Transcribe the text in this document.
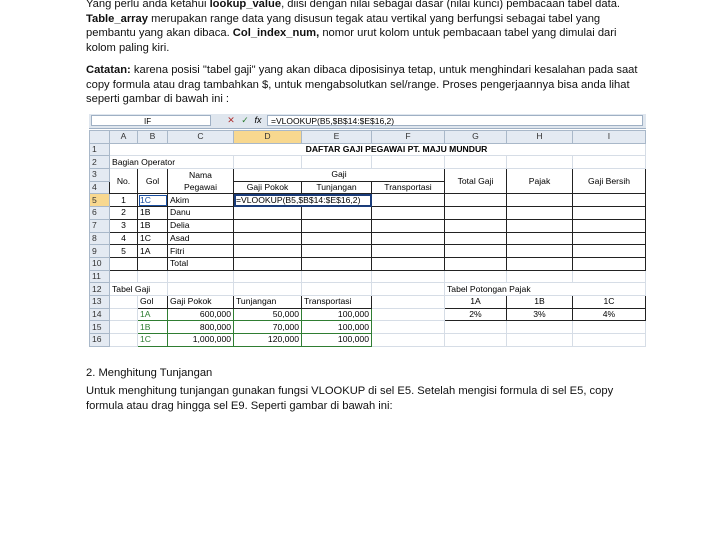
Yang perlu anda ketahui lookup_value, diisi dengan nilai sebagai dasar (nilai kunci) pembacaan tabel data. Table_array merupakan range data yang disusun tegak atau vertikal yang berfungsi sebagai tabel yang pembantu yang akan dibaca. Col_index_num, nomor urut kolom untuk pembacaan tabel yang dimulai dari kolom paling kiri.

Catatan: karena posisi "tabel gaji" yang akan dibaca diposisinya tetap, untuk menghindari kesalahan pada saat copy formula atau drag tambahkan $, untuk mengabsolutkan sel/range. Proses pengerjaannya bisa anda lihat seperti gambar di bawah ini :

IF	✕ ✓ fx	=VLOOKUP(B5,$B$14:$E$16,2)
	A	B	C	D	E	F	G	H	I
1	DAFTAR GAJI PEGAWAI PT. MAJU MUNDUR								
2	Bagian Operator								
3	No.	Gol	Nama	Gaji			Total Gaji	Pajak	Gaji Bersih
4			Pegawai	Gaji Pokok	Tunjangan	Transportasi			
5	1	1C	Akim	=VLOOKUP(B5,$B$14:$E$16,2)					
6	2	1B	Danu						
7	3	1B	Delia						
8	4	1C	Asad						
9	5	1A	Fitri						
10			Total						
11									
12	Tabel Gaji						Tabel Potongan Pajak		
13		Gol	Gaji Pokok	Tunjangan	Transportasi		1A	1B	1C
14		1A	600,000	50,000	100,000		2%	3%	4%
15		1B	800,000	70,000	100,000				
16		1C	1,000,000	120,000	100,000				

2. Menghitung Tunjangan

Untuk menghitung tunjangan gunakan fungsi VLOOKUP di sel E5. Setelah mengisi formula di sel E5, copy formula atau drag hingga sel E9. Seperti gambar di bawah ini:
